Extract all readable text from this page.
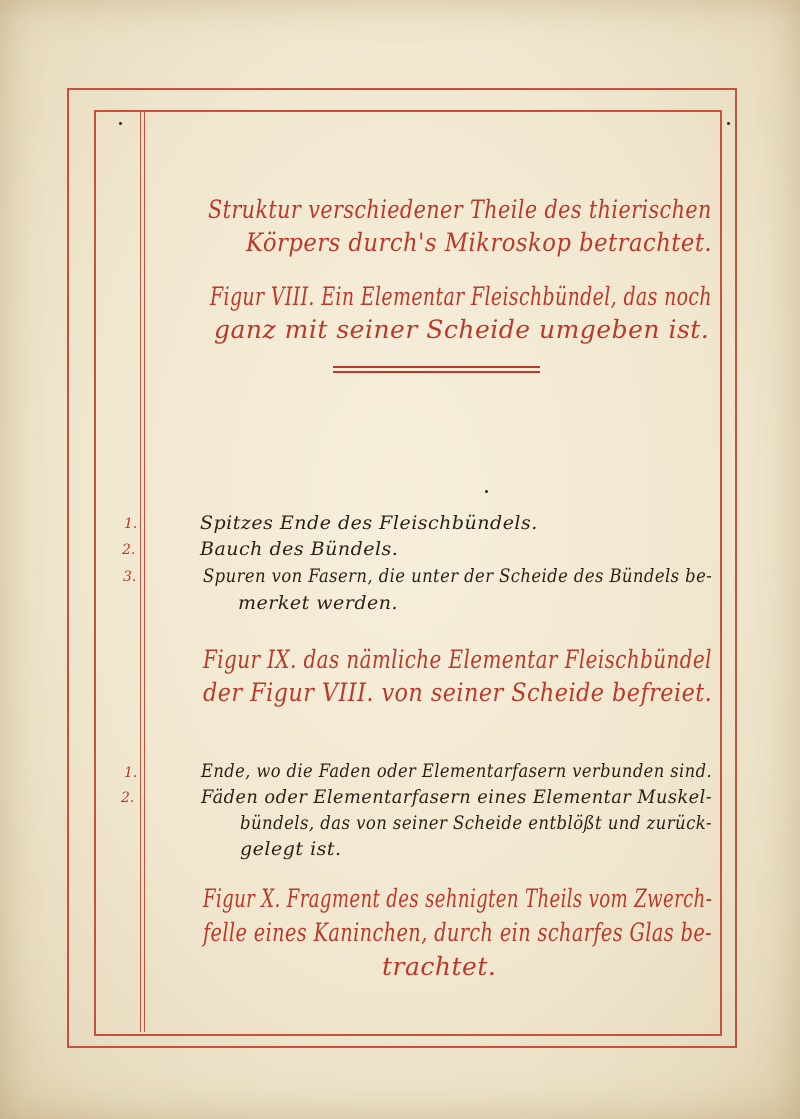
Struktur verschiedener Theile des thierischen
Körpers durch's Mikroskop betrachtet.
Figur VIII. Ein Elementar Fleischbündel, das noch
ganz mit seiner Scheide umgeben ist.
1.	Spitzes Ende des Fleischbündels.
2.	Bauch des Bündels.
3.	Spuren von Fasern, die unter der Scheide des Bündels be-
merket werden.
Figur IX. das nämliche Elementar Fleischbündel
der Figur VIII. von seiner Scheide befreiet.
1.	Ende, wo die Faden oder Elementarfasern verbunden sind.
2.	Fäden oder Elementarfasern eines Elementar Muskel-
bündels, das von seiner Scheide entblößt und zurück-
gelegt ist.
Figur X. Fragment des sehnigten Theils vom Zwerch-
felle eines Kaninchen, durch ein scharfes Glas be-
trachtet.
